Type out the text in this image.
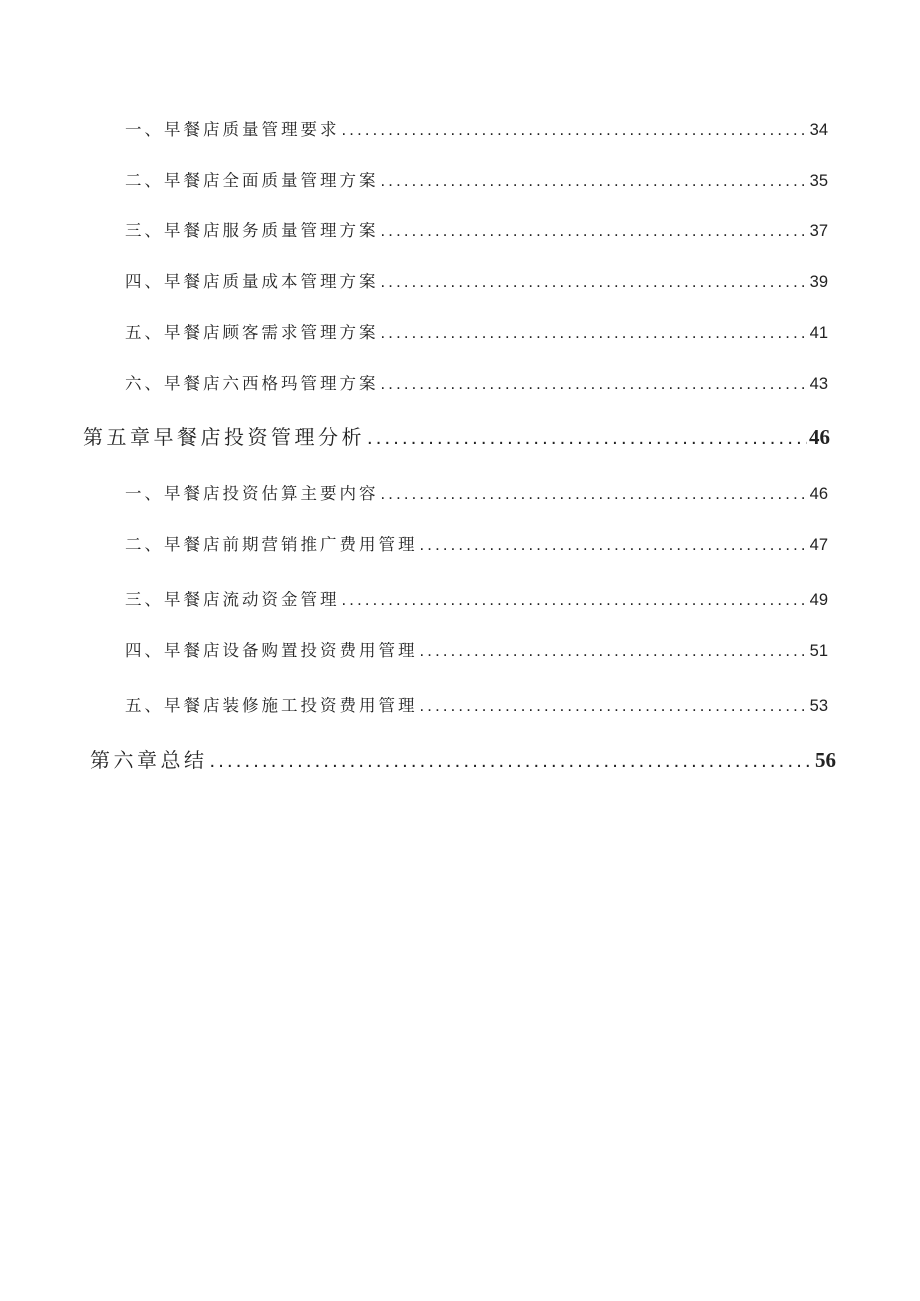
一、早餐店质量管理要求 .....	34
二、早餐店全面质量管理方案 .....	35
三、早餐店服务质量管理方案 .....	37
四、早餐店质量成本管理方案 .....	39
五、早餐店顾客需求管理方案 .....	41
六、早餐店六西格玛管理方案 .....	43
第五章早餐店投资管理分析 .....	46
一、早餐店投资估算主要内容 .....	46
二、早餐店前期营销推广费用管理 .....	47
三、早餐店流动资金管理 .....	49
四、早餐店设备购置投资费用管理 .....	51
五、早餐店装修施工投资费用管理 .....	53
第六章总结 .....	56
